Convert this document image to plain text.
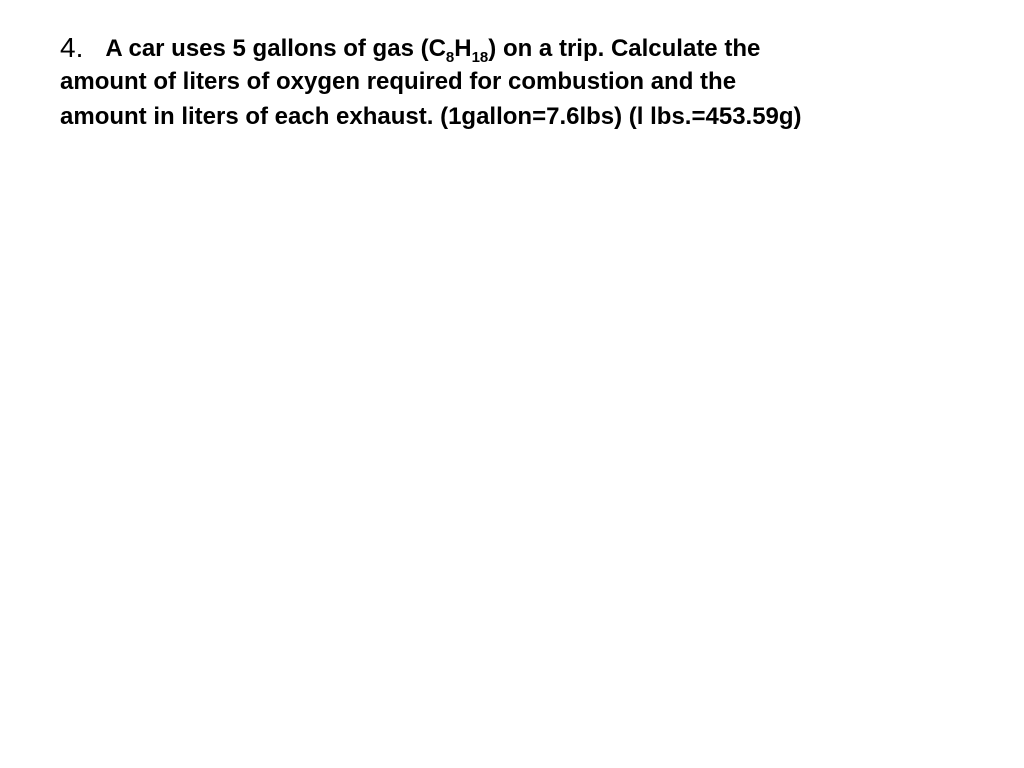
4. A car uses 5 gallons of gas $(C_8H_{18})$ on a trip. Calculate the
amount of liters of oxygen required for combustion and the
amount in liters of each exhaust. (1gallon=7.6lbs) (l lbs.=453.59g)
